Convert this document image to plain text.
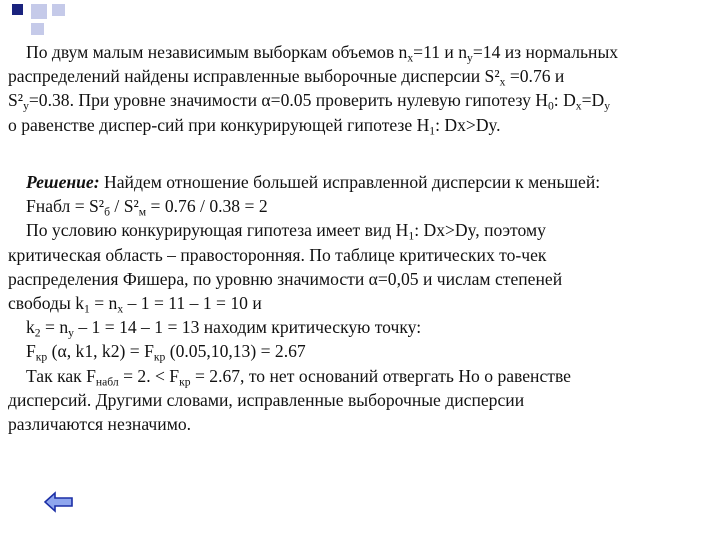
По двум малым независимым выборкам объемов $n_x=11$ и $n_y=14$ из нормальных
распределений найдены исправленные выборочные дисперсии $S^2_x =0.76$ и
$S^2_y=0.38$. При уровне значимости α=0.05 проверить нулевую гипотезу $H_0$: $D_x=D_y$
о равенстве диспер-сий при конкурирующей гипотезе $H_1$: Dx>Dy.
Решение: Найдем отношение большей исправленной дисперсии к меньшей:
Fнабл = $S^2_б / S^2_м = 0.76 / 0.38 = 2$
По условию конкурирующая гипотеза имеет вид $H_1$: Dx>Dy, поэтому
критическая область – правосторонняя. По таблице критических то-чек
распределения Фишера, по уровню значимости α=0,05 и числам степеней
свободы $k_1 = n_x - 1 = 11 - 1 = 10$ и
$k_2 = n_y - 1 = 14 - 1 = 13$ находим критическую точку:
$F_{кр}$ (α, k1, $k2) = F_{кр}$ (0.05,10,13) = 2.67
Так как $F_{набл} = 2$. < $F_{кр} = 2.67$, то нет оснований отвергать Ho о равенстве
дисперсий. Другими словами, исправленные выборочные дисперсии
различаются незначимо.
